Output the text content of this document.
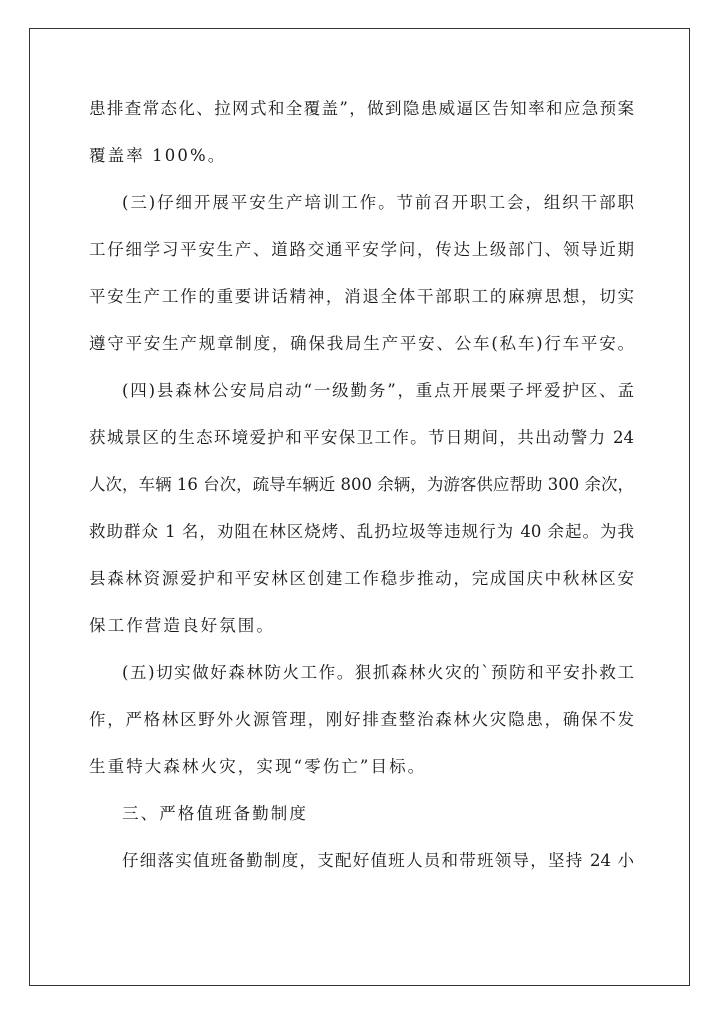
患排查常态化、拉网式和全覆盖”，做到隐患威逼区告知率和应急预案
覆盖率 100%。
(三)仔细开展平安生产培训工作。节前召开职工会，组织干部职
工仔细学习平安生产、道路交通平安学问，传达上级部门、领导近期
平安生产工作的重要讲话精神，消退全体干部职工的麻痹思想，切实
遵守平安生产规章制度，确保我局生产平安、公车(私车)行车平安。
(四)县森林公安局启动“一级勤务”，重点开展栗子坪爱护区、孟
获城景区的生态环境爱护和平安保卫工作。节日期间，共出动警力 24
人次，车辆 16 台次，疏导车辆近 800 余辆，为游客供应帮助 300 余次，
救助群众 1 名，劝阻在林区烧烤、乱扔垃圾等违规行为 40 余起。为我
县森林资源爱护和平安林区创建工作稳步推动，完成国庆中秋林区安
保工作营造良好氛围。
(五)切实做好森林防火工作。狠抓森林火灾的`预防和平安扑救工
作，严格林区野外火源管理，刚好排查整治森林火灾隐患，确保不发
生重特大森林火灾，实现“零伤亡”目标。
三、严格值班备勤制度
仔细落实值班备勤制度，支配好值班人员和带班领导，坚持 24 小
